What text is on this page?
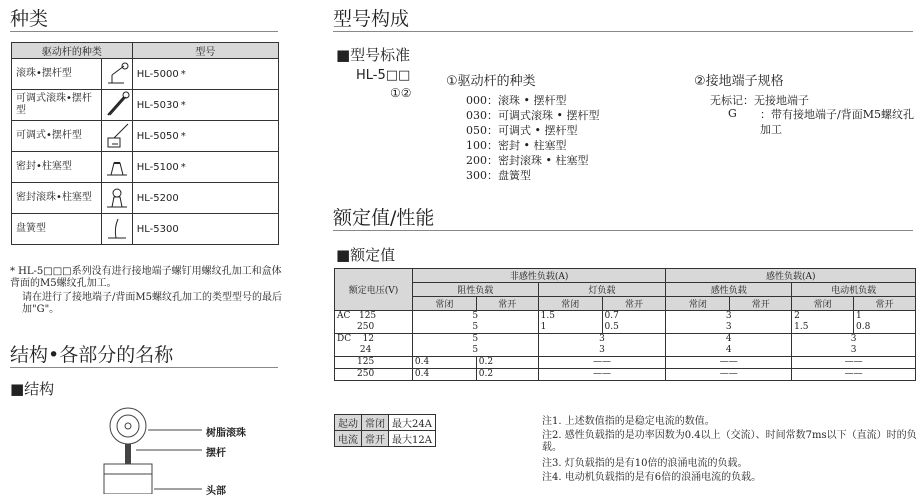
种类
驱动杆的种类		型号
滚珠•摆杆型		HL-5000 *
可调式滚珠•摆杆型		HL-5030 *
可调式•摆杆型		HL-5050 *
密封•柱塞型		HL-5100 *
密封滚珠•柱塞型		HL-5200
盘簧型		HL-5300
* HL-5□□□系列没有进行接地端子螺钉用螺纹孔加工和盒体背面的M5螺纹孔加工。
请在进行了接地端子/背面M5螺纹孔加工的类型型号的最后加"G"。
结构•各部分的名称
■结构
树脂滚珠
摆杆
头部
型号构成
■型号标准
HL-5□□
①②
①驱动杆的种类
000：滚珠 • 摆杆型
030：可调式滚珠 • 摆杆型
050：可调式 • 摆杆型
100：密封 • 柱塞型
200：密封滚珠 • 柱塞型
300：盘簧型
②接地端子规格
无标记：无接地端子
G ：带有接地端子/背面M5螺纹孔加工
额定值/性能
■额定值
额定电压(V)	非感性负载(A)				感性负载(A)			
	阻性负载		灯负载		感性负载		电动机负载	
	常闭	常开	常闭	常开	常闭	常开	常闭	常开
AC 125	5		1.5	0.7	3		2	1
250	5		1	0.5	3		1.5	0.8
DC 12	5		3		4		3	
24	5		3		4		3	
125	0.4	0.2	——		——		——	
250	0.4	0.2	——		——		——	
起动	常闭	最大24A
电流	常开	最大12A
注1. 上述数值指的是稳定电流的数值。
注2. 感性负载指的是功率因数为0.4以上（交流）、时间常数7ms以下（直流）时的负载。
注3. 灯负载指的是有10倍的浪涌电流的负载。
注4. 电动机负载指的是有6倍的浪涌电流的负载。
